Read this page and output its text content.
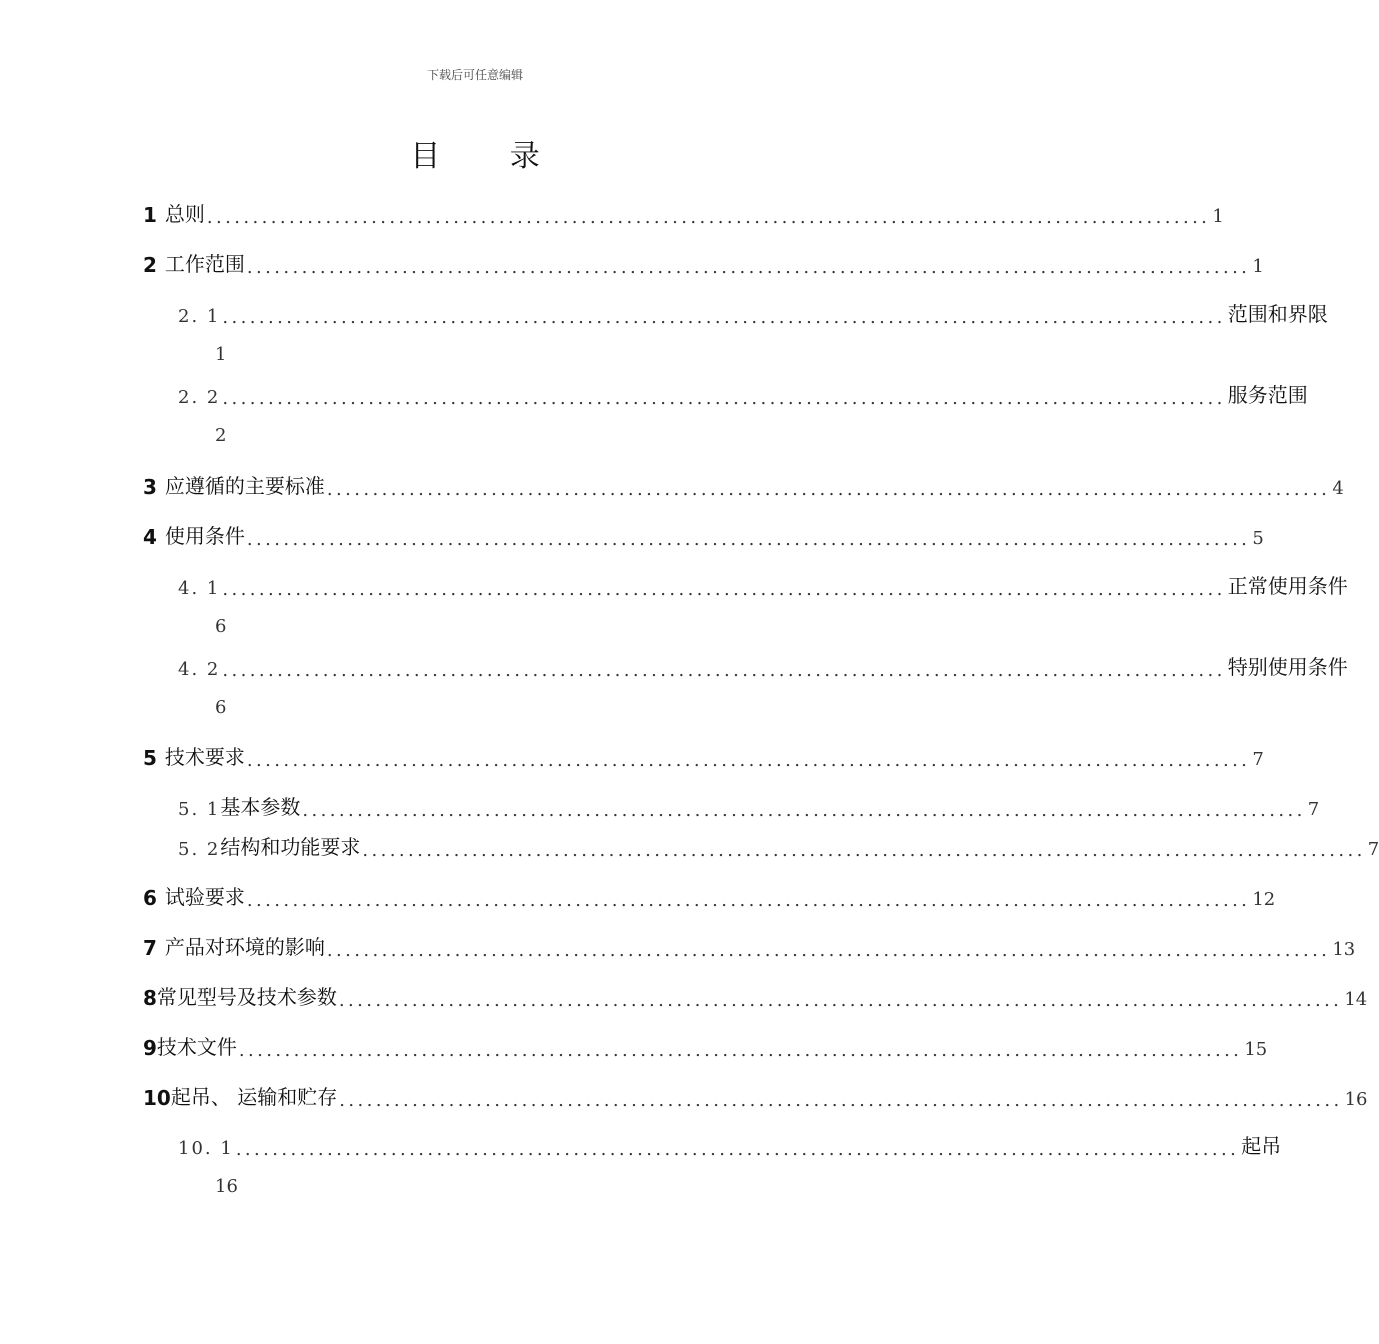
下载后可任意编辑
目 录
1 总则 .............................................................................................................. 1
2 工作范围 .............................................................................................................. 1
2. 1 .............................................................................................................. 范围和界限
1
2. 2 .............................................................................................................. 服务范围
2
3 应遵循的主要标准 .............................................................................................................. 4
4 使用条件 .............................................................................................................. 5
4. 1 .............................................................................................................. 正常使用条件
6
4. 2 .............................................................................................................. 特别使用条件
6
5 技术要求 .............................................................................................................. 7
5. 1 基本参数 .............................................................................................................. 7
5. 2 结构和功能要求 .............................................................................................................. 7
6 试验要求 .............................................................................................................. 12
7 产品对环境的影响 .............................................................................................................. 13
8 常见型号及技术参数 .............................................................................................................. 14
9 技术文件 .............................................................................................................. 15
10 起吊、 运输和贮存 .............................................................................................................. 16
10. 1 .............................................................................................................. 起吊
16
